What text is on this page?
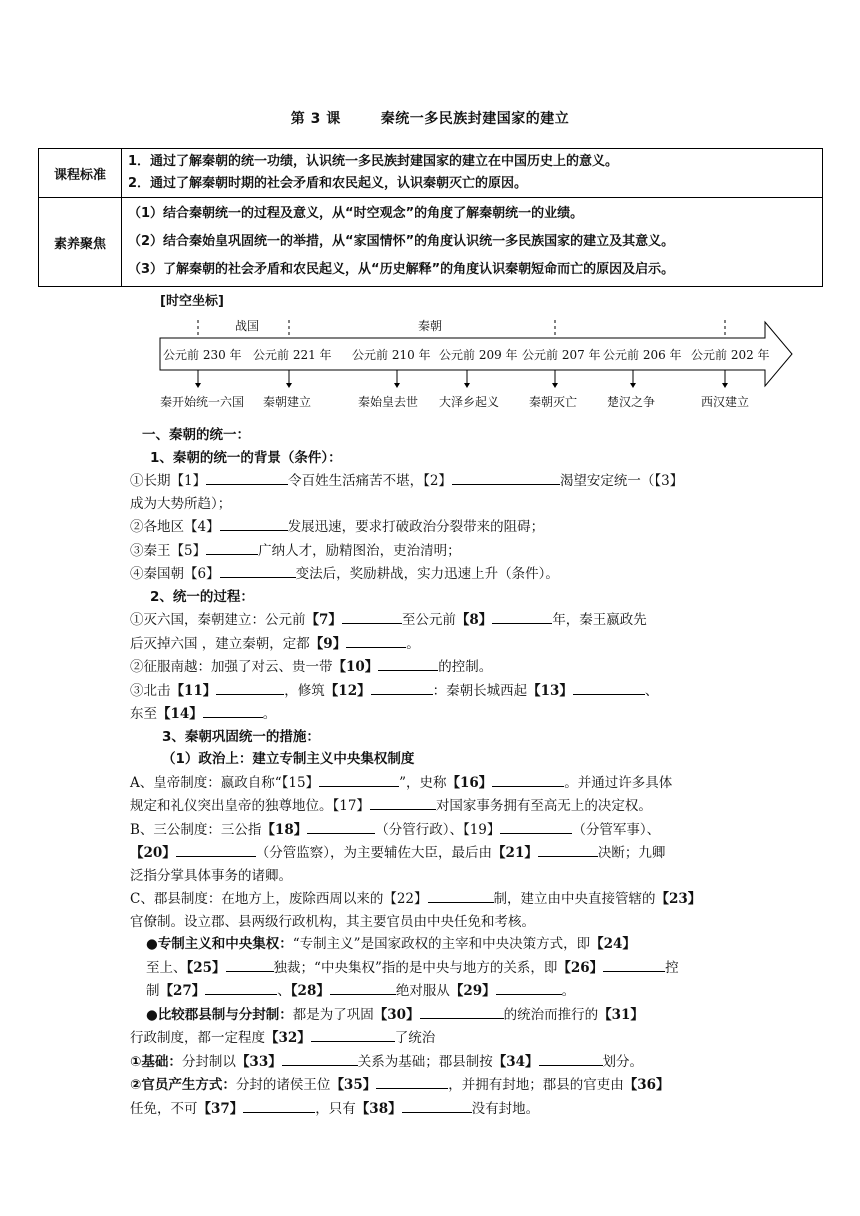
第 3 课	秦统一多民族封建国家的建立
课程标准	1．通过了解秦朝的统一功绩，认识统一多民族封建国家的建立在中国历史上的意义。
2．通过了解秦朝时期的社会矛盾和农民起义，认识秦朝灭亡的原因。

素养聚焦	（1）结合秦朝统一的过程及意义，从“时空观念”的角度了解秦朝统一的业绩。
（2）结合秦始皇巩固统一的举措，从“家国情怀”的角度认识统一多民族国家的建立及其意义。
（3）了解秦朝的社会矛盾和农民起义，从“历史解释”的角度认识秦朝短命而亡的原因及启示。
[时空坐标]
战国	秦朝
公元前 230 年 公元前 221 年 公元前 210 年 公元前 209 年 公元前 207 年 公元前 206 年 公元前 202 年
秦开始统一六国 秦朝建立	秦始皇去世 大泽乡起义 秦朝灭亡 楚汉之争	西汉建立

一、秦朝的统一：

1、秦朝的统一的背景（条件）：

①长期【1】	令百姓生活痛苦不堪，【2】	渴望安定统一（【3】

成为大势所趋）；

②各地区【4】	发展迅速，要求打破政治分裂带来的阻碍；

③秦王【5】	广纳人才，励精图治，吏治清明；

④秦国朝【6】	变法后，奖励耕战，实力迅速上升（条件）。

2、统一的过程：

①灭六国，秦朝建立：公元前【7】	至公元前【8】	年，秦王嬴政先

后灭掉六国 ，建立秦朝，定都【9】	。

②征服南越：加强了对云、贵一带【10】	的控制。

③北击【11】	，修筑【12】	：秦朝长城西起【13】	、

东至【14】	。

3、秦朝巩固统一的措施：

（1）政治上：建立专制主义中央集权制度

A、皇帝制度：嬴政自称“【15】	”，史称【16】	。并通过许多具体

规定和礼仪突出皇帝的独尊地位。【17】	对国家事务拥有至高无上的决定权。

B、三公制度：三公指【18】	（分管行政）、【19】	（分管军事）、

【20】	（分管监察），为主要辅佐大臣，最后由【21】	决断；九卿

泛指分掌具体事务的诸卿。

C、郡县制度：在地方上，废除西周以来的【22】	制，建立由中央直接管辖的【23】

官僚制。设立郡、县两级行政机构，其主要官员由中央任免和考核。

●专制主义和中央集权：“专制主义”是国家政权的主宰和中央决策方式，即【24】

至上、【25】	独裁；“中央集权”指的是中央与地方的关系，即【26】	控

制【27】	、【28】	绝对服从【29】	。

●比较郡县制与分封制：都是为了巩固【30】	的统治而推行的【31】

行政制度，都一定程度【32】	了统治

①基础：分封制以【33】	关系为基础；郡县制按【34】	划分。

②官员产生方式：分封的诸侯王位【35】	，并拥有封地；郡县的官吏由【36】

任免，不可【37】	，只有【38】	没有封地。
